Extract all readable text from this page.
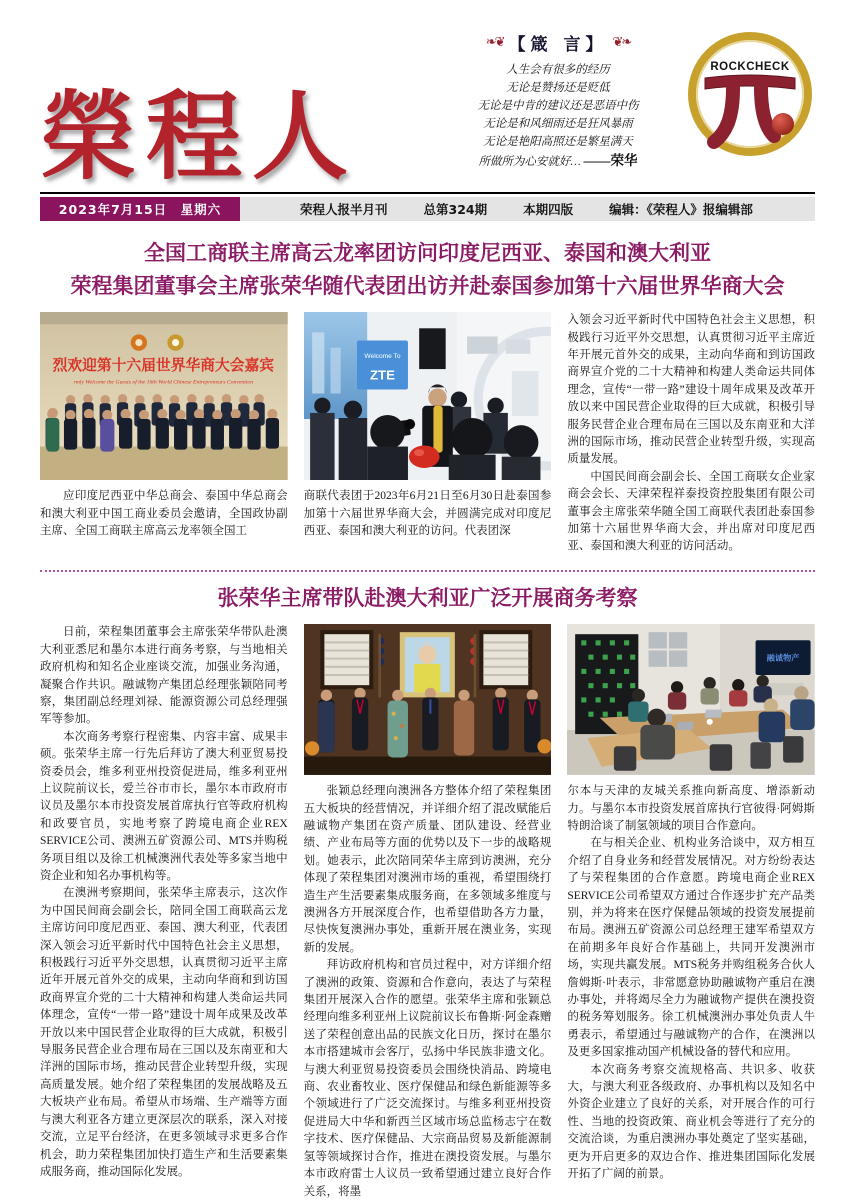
榮程人
❧❦ 【箴 言】 ❦❧
人生会有很多的经历
无论是赞扬还是贬低
无论是中肯的建议还是恶语中伤
无论是和风细雨还是狂风暴雨
无论是艳阳高照还是繁星满天
所做所为心安就好… ——荣华
ROCKCHECK
2023年7月15日　星期六	荣程人报半月刊	总第324期	本期四版	编辑：《荣程人》报编辑部
全国工商联主席高云龙率团访问印度尼西亚、泰国和澳大利亚
荣程集团董事会主席张荣华随代表团出访并赴泰国参加第十六届世界华商大会
烈欢迎第十六届世界华商大会嘉宾
rmly Welcome the Guests of the 16th World Chinese Entrepreneurs Convention

应印度尼西亚中华总商会、泰国中华总商会和澳大利亚中国工商业委员会邀请，全国政协副主席、全国工商联主席高云龙率领全国工

Welcome To
ZTE

商联代表团于2023年6月21日至6月30日赴泰国参加第十六届世界华商大会，并圆满完成对印度尼西亚、泰国和澳大利亚的访问。代表团深

入领会习近平新时代中国特色社会主义思想，积极践行习近平外交思想，认真贯彻习近平主席近年开展元首外交的成果，主动向华商和到访国政商界宣介党的二十大精神和构建人类命运共同体理念，宣传“一带一路”建设十周年成果及改革开放以来中国民营企业取得的巨大成就，积极引导服务民营企业合理布局在三国以及东南亚和大洋洲的国际市场，推动民营企业转型升级，实现高质量发展。

中国民间商会副会长、全国工商联女企业家商会会长、天津荣程祥泰投资控股集团有限公司董事会主席张荣华随全国工商联代表团赴泰国参加第十六届世界华商大会，并出席对印度尼西亚、泰国和澳大利亚的访问活动。

张荣华主席带队赴澳大利亚广泛开展商务考察

日前，荣程集团董事会主席张荣华带队赴澳大利亚悉尼和墨尔本进行商务考察，与当地相关政府机构和知名企业座谈交流，加强业务沟通，凝聚合作共识。融诚物产集团总经理张颖陪同考察，集团副总经理刘禄、能源资源公司总经理强军等参加。

本次商务考察行程密集、内容丰富、成果丰硕。张荣华主席一行先后拜访了澳大利亚贸易投资委员会，维多利亚州投资促进局，维多利亚州上议院前议长，爱兰谷市市长，墨尔本市政府市议员及墨尔本市投资发展首席执行官等政府机构和政要官员，实地考察了跨境电商企业REX SERVICE公司、澳洲五矿资源公司、MTS并购税务项目组以及徐工机械澳洲代表处等多家当地中资企业和知名办事机构等。

在澳洲考察期间，张荣华主席表示，这次作为中国民间商会副会长，陪同全国工商联高云龙主席访问印度尼西亚、泰国、澳大利亚，代表团深入领会习近平新时代中国特色社会主义思想，积极践行习近平外交思想，认真贯彻习近平主席近年开展元首外交的成果，主动向华商和到访国政商界宣介党的二十大精神和构建人类命运共同体理念，宣传“一带一路”建设十周年成果及改革开放以来中国民营企业取得的巨大成就，积极引导服务民营企业合理布局在三国以及东南亚和大洋洲的国际市场，推动民营企业转型升级，实现高质量发展。她介绍了荣程集团的发展战略及五大板块产业布局。希望从市场端、生产端等方面与澳大利亚各方建立更深层次的联系，深入对接交流，立足平台经济，在更多领域寻求更多合作机会，助力荣程集团加快打造生产和生活要素集成服务商，推动国际化发展。

张颖总经理向澳洲各方整体介绍了荣程集团五大板块的经营情况，并详细介绍了混改赋能后融诚物产集团在资产质量、团队建设、经营业绩、产业布局等方面的优势以及下一步的战略规划。她表示，此次陪同荣华主席到访澳洲，充分体现了荣程集团对澳洲市场的重视，希望围绕打造生产生活要素集成服务商，在多领域多维度与澳洲各方开展深度合作，也希望借助各方力量，尽快恢复澳洲办事处，重新开展在澳业务，实现新的发展。

拜访政府机构和官员过程中，对方详细介绍了澳洲的政策、资源和合作意向，表达了与荣程集团开展深入合作的愿望。张荣华主席和张颖总经理向维多利亚州上议院前议长布鲁斯·阿金森赠送了荣程创意出品的民族文化日历，探讨在墨尔本市搭建城市会客厅，弘扬中华民族非遗文化。与澳大利亚贸易投资委员会围绕快消品、跨境电商、农业畜牧业、医疗保健品和绿色新能源等多个领域进行了广泛交流探讨。与维多利亚州投资促进局大中华和新西兰区域市场总监杨志宁在数字技术、医疗保健品、大宗商品贸易及新能源制氢等领域探讨合作，推进在澳投资发展。与墨尔本市政府雷士人议员一致希望通过建立良好合作关系，将墨

融诚物产

尔本与天津的友城关系推向新高度、增添新动力。与墨尔本市投资发展首席执行官彼得·阿姆斯特朗洽谈了制氢领域的项目合作意向。

在与相关企业、机构业务洽谈中，双方相互介绍了自身业务和经营发展情况。对方纷纷表达了与荣程集团的合作意愿。跨境电商企业REX SERVICE公司希望双方通过合作逐步扩充产品类别，并为将来在医疗保健品领域的投资发展提前布局。澳洲五矿资源公司总经理王建军希望双方在前期多年良好合作基础上，共同开发澳洲市场，实现共赢发展。MTS税务并购组税务合伙人詹姆斯·叶表示，非常愿意协助融诚物产重启在澳办事处，并将竭尽全力为融诚物产提供在澳投资的税务筹划服务。徐工机械澳洲办事处负责人牛勇表示，希望通过与融诚物产的合作，在澳洲以及更多国家推动国产机械设备的替代和应用。

本次商务考察交流规格高、共识多、收获大，与澳大利亚各级政府、办事机构以及知名中外资企业建立了良好的关系，对开展合作的可行性、当地的投资政策、商业机会等进行了充分的交流洽谈，为重启澳洲办事处奠定了坚实基础，更为开启更多的双边合作、推进集团国际化发展开拓了广阔的前景。
